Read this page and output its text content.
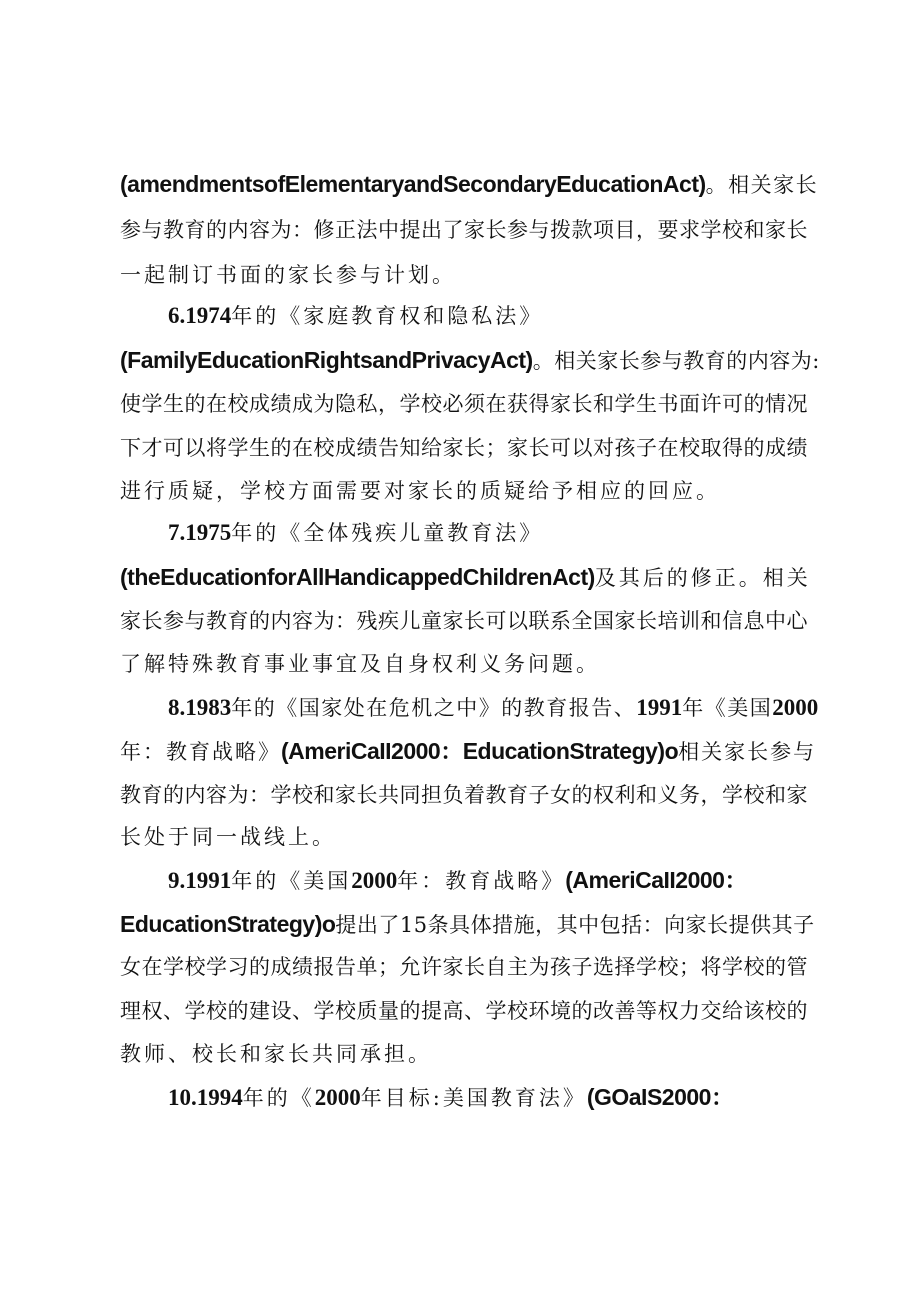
(amendmentsofElementaryandSecondaryEducationAct)。相关家长
参与教育的内容为：修正法中提出了家长参与拨款项目，要求学校和家长
一起制订书面的家长参与计划。
6.1974年的《家庭教育权和隐私法》
(FamilyEducationRightsandPrivacyAct)。相关家长参与教育的内容为:
使学生的在校成绩成为隐私，学校必须在获得家长和学生书面许可的情况
下才可以将学生的在校成绩告知给家长；家长可以对孩子在校取得的成绩
进行质疑，学校方面需要对家长的质疑给予相应的回应。
7.1975年的《全体残疾儿童教育法》
(theEducationforAllHandicappedChildrenAct)及其后的修正。相关
家长参与教育的内容为：残疾儿童家长可以联系全国家长培训和信息中心
了解特殊教育事业事宜及自身权利义务问题。
8.1983年的《国家处在危机之中》的教育报告、1991年《美国2000
年：教育战略》(AmeriCaII2000：EducationStrategy)o相关家长参与
教育的内容为：学校和家长共同担负着教育子女的权利和义务，学校和家
长处于同一战线上。
9.1991年的《美国2000年：教育战略》(AmeriCaII2000：
EducationStrategy)o提出了15条具体措施，其中包括：向家长提供其子
女在学校学习的成绩报告单；允许家长自主为孩子选择学校；将学校的管
理权、学校的建设、学校质量的提高、学校环境的改善等权力交给该校的
教师、校长和家长共同承担。
10.1994年的《2000年目标:美国教育法》(GOaIS2000：
